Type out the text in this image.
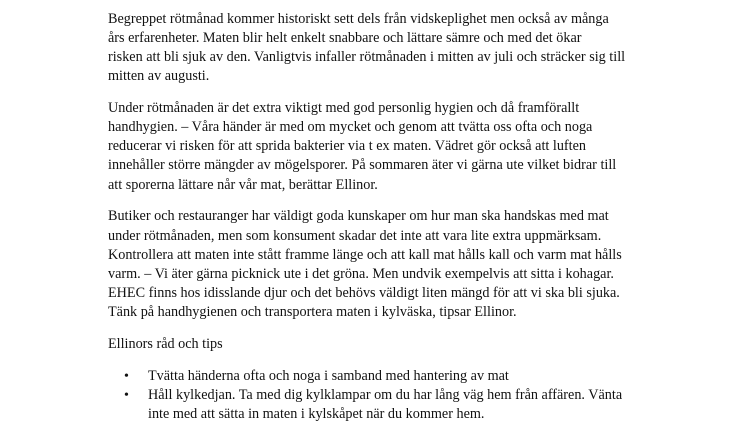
Begreppet rötmånad kommer historiskt sett dels från vidskeplighet men också av många
års erfarenheter. Maten blir helt enkelt snabbare och lättare sämre och med det ökar
risken att bli sjuk av den. Vanligtvis infaller rötmånaden i mitten av juli och sträcker sig till
mitten av augusti.
Under rötmånaden är det extra viktigt med god personlig hygien och då framförallt
handhygien. – Våra händer är med om mycket och genom att tvätta oss ofta och noga
reducerar vi risken för att sprida bakterier via t ex maten. Vädret gör också att luften
innehåller större mängder av mögelsporer. På sommaren äter vi gärna ute vilket bidrar till
att sporerna lättare når vår mat, berättar Ellinor.
Butiker och restauranger har väldigt goda kunskaper om hur man ska handskas med mat
under rötmånaden, men som konsument skadar det inte att vara lite extra uppmärksam.
Kontrollera att maten inte stått framme länge och att kall mat hålls kall och varm mat hålls
varm. – Vi äter gärna picknick ute i det gröna. Men undvik exempelvis att sitta i kohagar.
EHEC finns hos idisslande djur och det behövs väldigt liten mängd för att vi ska bli sjuka.
Tänk på handhygienen och transportera maten i kylväska, tipsar Ellinor.
Ellinors råd och tips
• Tvätta händerna ofta och noga i samband med hantering av mat
• Håll kylkedjan. Ta med dig kylklampar om du har lång väg hem från affären. Vänta
inte med att sätta in maten i kylskåpet när du kommer hem.
